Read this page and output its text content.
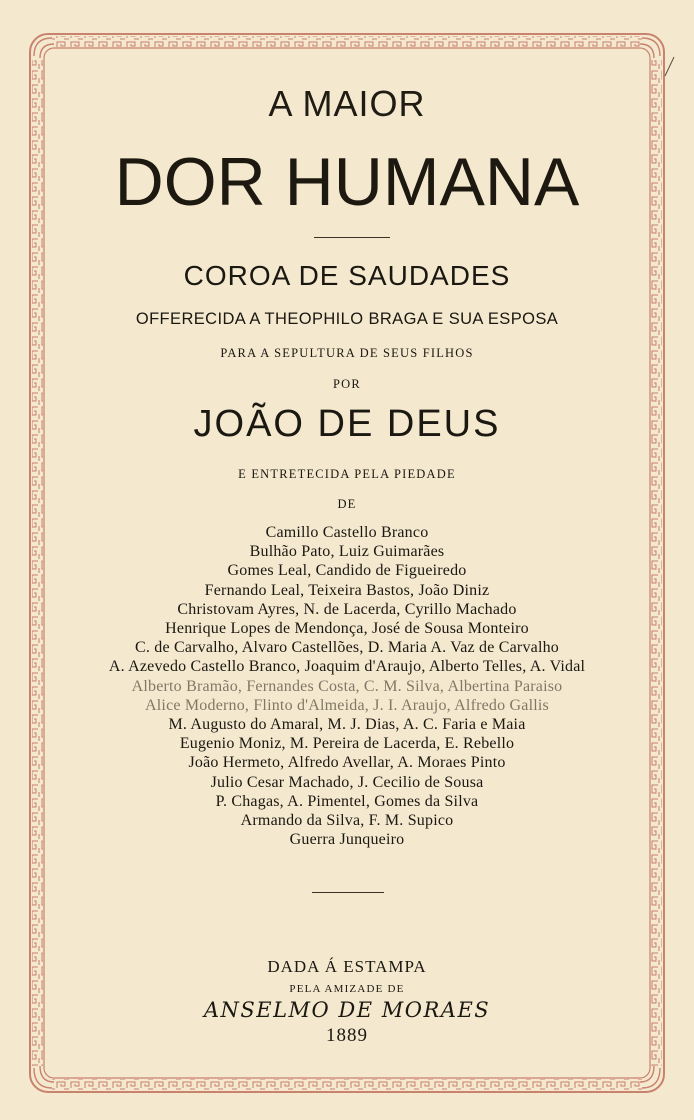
A MAIOR
DOR HUMANA
COROA DE SAUDADES
OFFERECIDA A THEOPHILO BRAGA E SUA ESPOSA
PARA A SEPULTURA DE SEUS FILHOS
POR
JOÃO DE DEUS
E ENTRETECIDA PELA PIEDADE
DE
Camillo Castello Branco
Bulhão Pato, Luiz Guimarães
Gomes Leal, Candido de Figueiredo
Fernando Leal, Teixeira Bastos, João Diniz
Christovam Ayres, N. de Lacerda, Cyrillo Machado
Henrique Lopes de Mendonça, José de Sousa Monteiro
C. de Carvalho, Alvaro Castellões, D. Maria A. Vaz de Carvalho
A. Azevedo Castello Branco, Joaquim d'Araujo, Alberto Telles, A. Vidal
Alberto Bramão, Fernandes Costa, C. M. Silva, Albertina Paraiso
Alice Moderno, Flinto d'Almeida, J. I. Araujo, Alfredo Gallis
M. Augusto do Amaral, M. J. Dias, A. C. Faria e Maia
Eugenio Moniz, M. Pereira de Lacerda, E. Rebello
João Hermeto, Alfredo Avellar, A. Moraes Pinto
Julio Cesar Machado, J. Cecilio de Sousa
P. Chagas, A. Pimentel, Gomes da Silva
Armando da Silva, F. M. Supico
Guerra Junqueiro
DADA Á ESTAMPA
PELA AMIZADE DE
ANSELMO DE MORAES
1889
